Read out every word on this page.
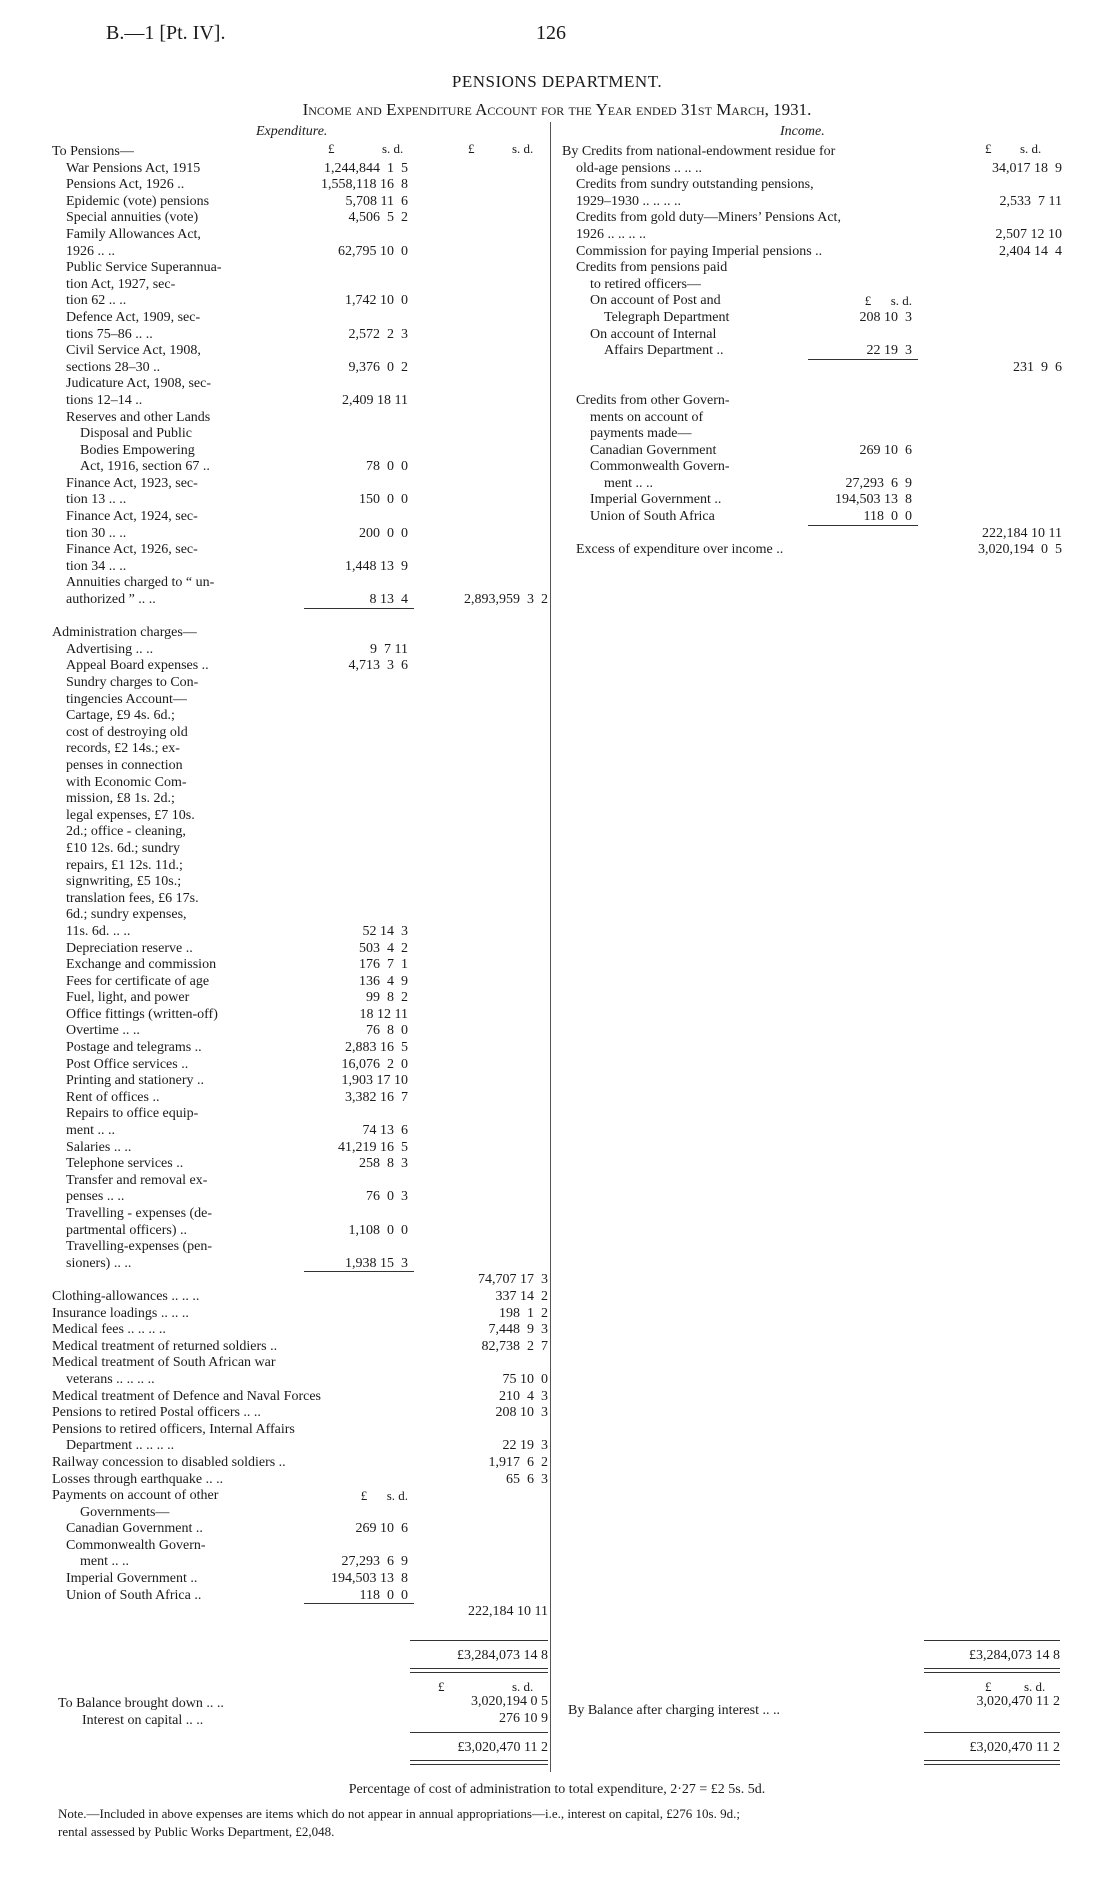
B.—1 [Pt. IV].	126
PENSIONS DEPARTMENT.
Income and Expenditure Account for the Year ended 31st March, 1931.
Expenditure.	Income.
£	s. d.	£	s. d.	£ s. d.
To Pensions—
War Pensions Act, 1915	1,244,844  1  5
Pensions Act, 1926 ..	1,558,118 16  8
Epidemic (vote) pensions	5,708 11  6
Special annuities (vote)	4,506  5  2
Family Allowances Act,
1926 .. ..	62,795 10  0
Public Service Superannua-
tion Act, 1927, sec-
tion 62 .. ..	1,742 10  0
Defence Act, 1909, sec-
tions 75–86 .. ..	2,572  2  3
Civil Service Act, 1908,
sections 28–30 ..	9,376  0  2
Judicature Act, 1908, sec-
tions 12–14 ..	2,409 18 11
Reserves and other Lands
Disposal and Public
Bodies Empowering
Act, 1916, section 67 ..	78  0  0
Finance Act, 1923, sec-
tion 13 .. ..	150  0  0
Finance Act, 1924, sec-
tion 30 .. ..	200  0  0
Finance Act, 1926, sec-
tion 34 .. ..	1,448 13  9
Annuities charged to “ un-
authorized ” .. ..	8 13  4	2,893,959  3  2
Administration charges—
Advertising .. ..	9  7 11
Appeal Board expenses ..	4,713  3  6
Sundry charges to Con-
tingencies Account—
Cartage, £9 4s. 6d.;
cost of destroying old
records, £2 14s.; ex-
penses in connection
with Economic Com-
mission, £8 1s. 2d.;
legal expenses, £7 10s.
2d.; office - cleaning,
£10 12s. 6d.; sundry
repairs, £1 12s. 11d.;
signwriting, £5 10s.;
translation fees, £6 17s.
6d.; sundry expenses,
11s. 6d. .. ..	52 14  3
Depreciation reserve ..	503  4  2
Exchange and commission	176  7  1
Fees for certificate of age	136  4  9
Fuel, light, and power	99  8  2
Office fittings (written-off)	18 12 11
Overtime .. ..	76  8  0
Postage and telegrams ..	2,883 16  5
Post Office services ..	16,076  2  0
Printing and stationery ..	1,903 17 10
Rent of offices ..	3,382 16  7
Repairs to office equip-
ment .. ..	74 13  6
Salaries .. ..	41,219 16  5
Telephone services ..	258  8  3
Transfer and removal ex-
penses .. ..	76  0  3
Travelling - expenses (de-
partmental officers) ..	1,108  0  0
Travelling-expenses (pen-
sioners) .. ..	1,938 15  3
74,707 17  3
Clothing-allowances .. .. ..	337 14  2
Insurance loadings .. .. ..	198  1  2
Medical fees .. .. .. ..	7,448  9  3
Medical treatment of returned soldiers ..	82,738  2  7
Medical treatment of South African war
veterans .. .. .. ..	75 10  0
Medical treatment of Defence and Naval Forces	210  4  3
Pensions to retired Postal officers .. ..	208 10  3
Pensions to retired officers, Internal Affairs
Department .. .. .. ..	22 19  3
Railway concession to disabled soldiers ..	1,917  6  2
Losses through earthquake .. ..	65  6  3
Payments on account of other	£      s. d.
Governments—
Canadian Government ..	269 10  6
Commonwealth Govern-
ment .. ..	27,293  6  9
Imperial Government ..	194,503 13  8
Union of South Africa ..	118  0  0
222,184 10 11
By Credits from national-endowment residue for
old-age pensions .. .. ..	34,017 18  9
Credits from sundry outstanding pensions,
1929–1930 .. .. .. ..	2,533  7 11
Credits from gold duty—Miners’ Pensions Act,
1926 .. .. .. ..	2,507 12 10
Commission for paying Imperial pensions ..	2,404 14  4
Credits from pensions paid
to retired officers—
On account of Post and	£      s. d.
Telegraph Department	208 10  3
On account of Internal
Affairs Department ..	22 19  3
231  9  6
Credits from other Govern-
ments on account of
payments made—
Canadian Government	269 10  6
Commonwealth Govern-
ment .. ..	27,293  6  9
Imperial Government ..	194,503 13  8
Union of South Africa	118  0  0
222,184 10 11
Excess of expenditure over income ..	3,020,194  0  5
£3,284,073 14 8	£3,284,073 14 8
£	s. d.	£	s. d.
To Balance brought down .. ..	3,020,194 0 5
Interest on capital .. ..	276 10 9
By Balance after charging interest .. ..
3,020,470 11 2
£3,020,470 11 2	£3,020,470 11 2
Percentage of cost of administration to total expenditure, 2·27 = £2 5s. 5d.
Note.—Included in above expenses are items which do not appear in annual appropriations—i.e., interest on capital, £276 10s. 9d.;
rental assessed by Public Works Department, £2,048.
